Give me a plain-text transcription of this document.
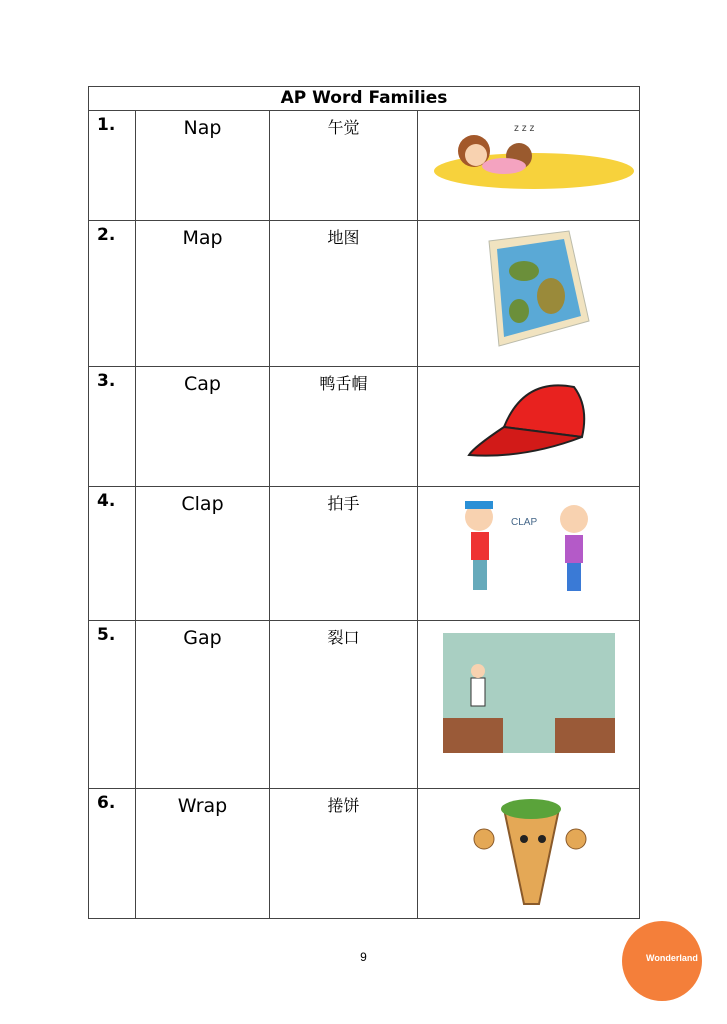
AP Word Families			
1.	Nap	午觉	z z z

2.	Map	地图	

3.	Cap	鸭舌帽	

4.	Clap	拍手	CLAP

5.	Gap	裂口	

6.	Wrap	捲饼	
9	Wonderland
